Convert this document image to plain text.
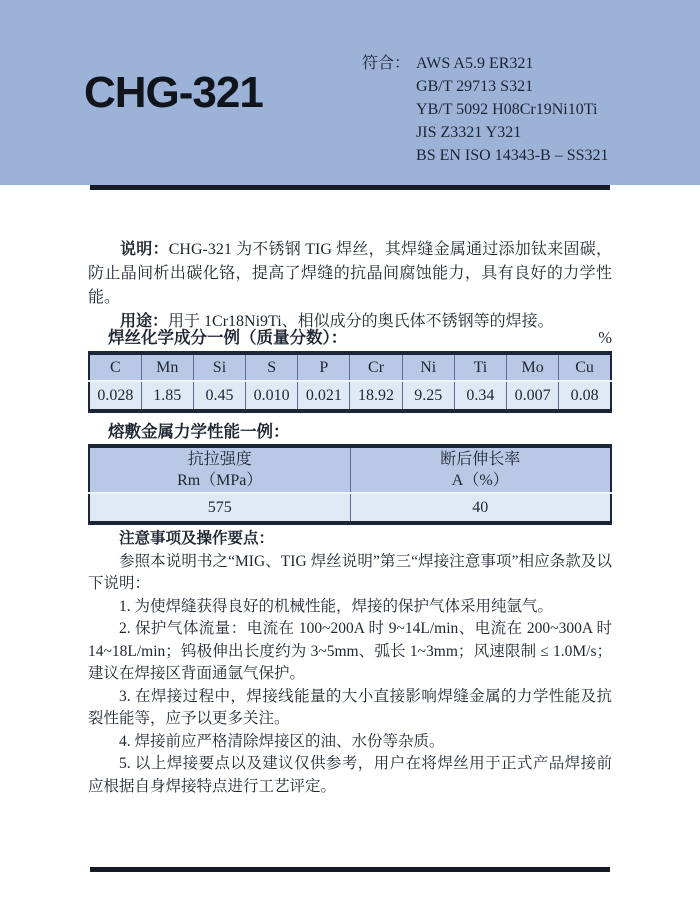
CHG-321
符合： AWS A5.9 ER321
GB/T 29713 S321
YB/T 5092 H08Cr19Ni10Ti
JIS Z3321 Y321
BS EN ISO 14343-B – SS321

说明：CHG-321 为不锈钢 TIG 焊丝，其焊缝金属通过添加钛来固碳，防止晶间析出碳化铬，提高了焊缝的抗晶间腐蚀能力，具有良好的力学性能。

用途：用于 1Cr18Ni9Ti、相似成分的奥氏体不锈钢等的焊接。

焊丝化学成分一例（质量分数）：	%
C	Mn	Si	S	P	Cr	Ni	Ti	Mo	Cu
0.028	1.85	0.45	0.010	0.021	18.92	9.25	0.34	0.007	0.08
熔敷金属力学性能一例：
抗拉强度
Rm（MPa）

断后伸长率
A（%）

575	40

注意事项及操作要点：

参照本说明书之“MIG、TIG 焊丝说明”第三“焊接注意事项”相应条款及以下说明：

1. 为使焊缝获得良好的机械性能，焊接的保护气体采用纯氩气。

2. 保护气体流量：电流在 100~200A 时 9~14L/min、电流在 200~300A 时 14~18L/min；钨极伸出长度约为 3~5mm、弧长 1~3mm；风速限制 ≤ 1.0M/s；建议在焊接区背面通氩气保护。

3. 在焊接过程中，焊接线能量的大小直接影响焊缝金属的力学性能及抗裂性能等，应予以更多关注。

4. 焊接前应严格清除焊接区的油、水份等杂质。

5. 以上焊接要点以及建议仅供参考，用户在将焊丝用于正式产品焊接前应根据自身焊接特点进行工艺评定。
